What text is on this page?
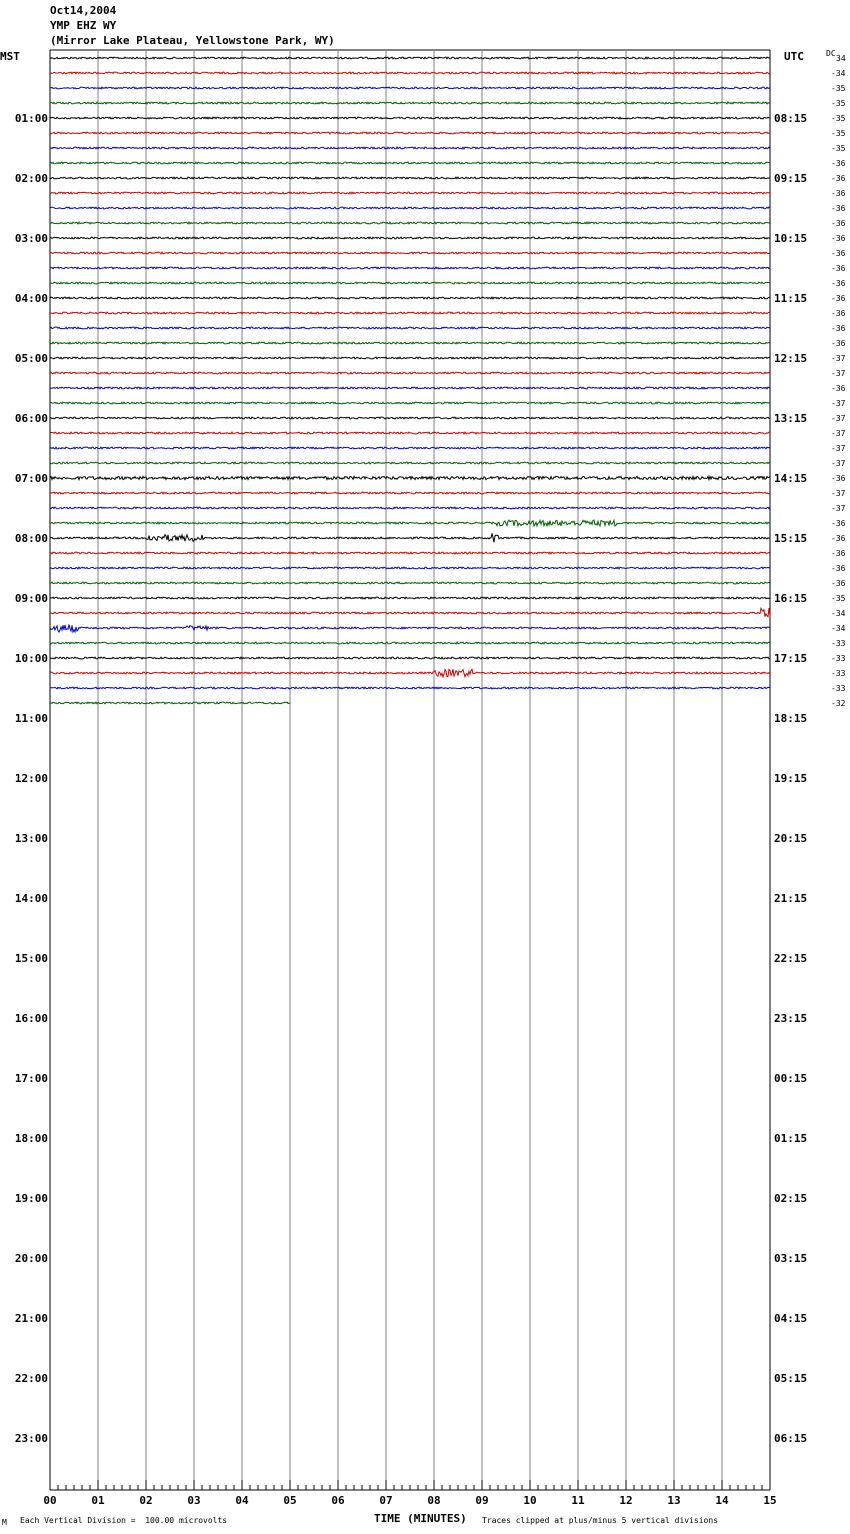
Oct14,2004
YMP EHZ WY
(Mirror Lake Plateau, Yellowstone Park, WY)
MST	UTC	DC
00	01	02	03	04	05	06	07	08	09	10	11	12	13	14	15
01:00
02:00
03:00
04:00
05:00
06:00
07:00
08:00
09:00
10:00
11:00
12:00
13:00
14:00
15:00
16:00
17:00
18:00
19:00
20:00
21:00
22:00
23:00
08:15
09:15
10:15
11:15
12:15
13:15
14:15
15:15
16:15
17:15
18:15
19:15
20:15
21:15
22:15
23:15
00:15
01:15
02:15
03:15
04:15
05:15
06:15
34
-34
-35
-35
-35
-35
-35
-36
-36
-36
-36
-36
-36
-36
-36
-36
-36
-36
-36
-36
-37
-37
-36
-37
-37
-37
-37
-37
-36
-37
-37
-36
-36
-36
-36
-36
-35
-34
-34
-33
-33
-33
-33
-32
M Each Vertical Division =  100.00 microvolts	TIME (MINUTES) Traces clipped at plus/minus 5 vertical divisions
